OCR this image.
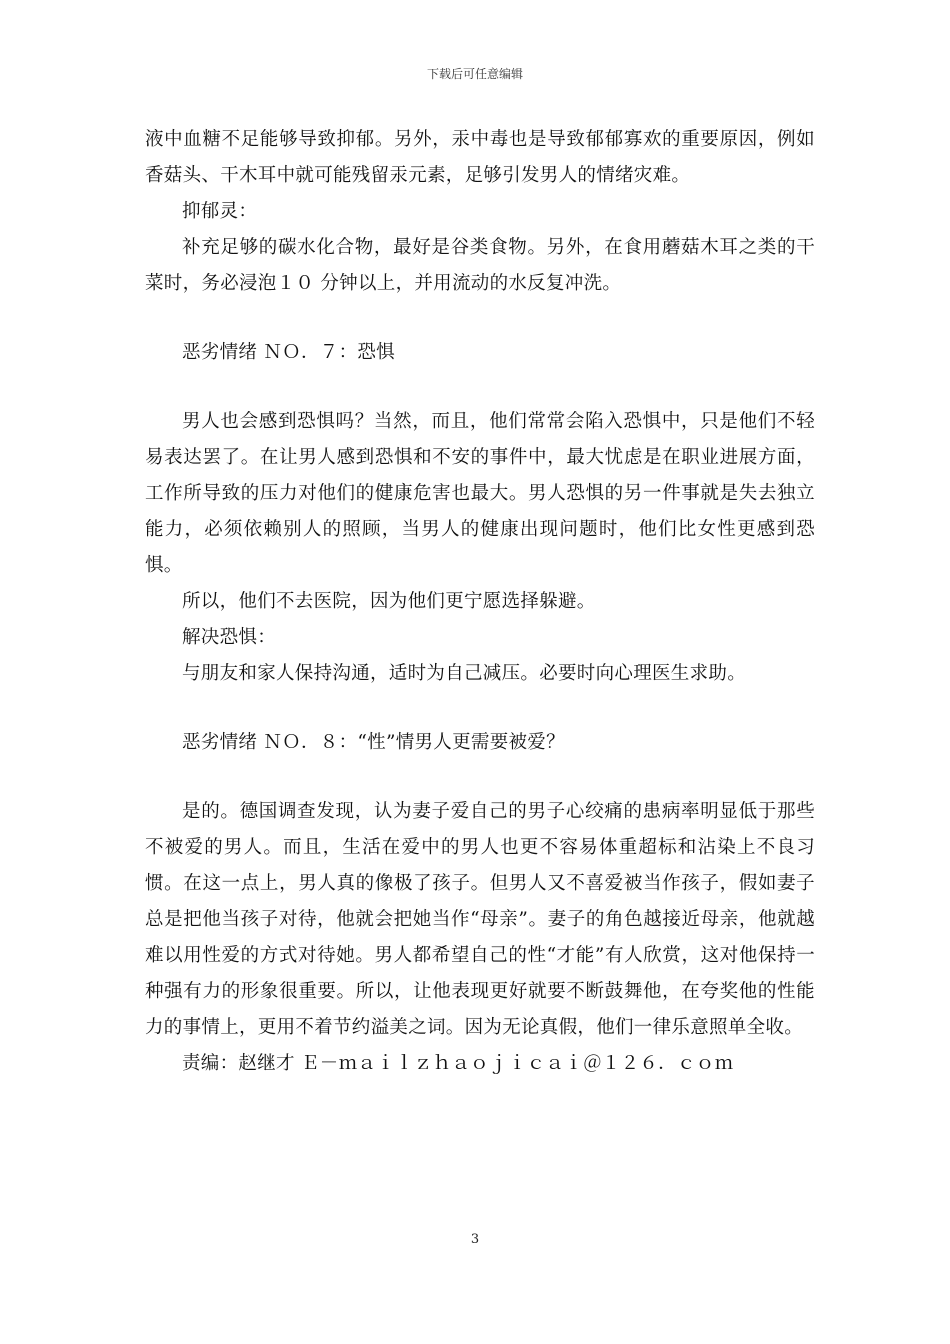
下载后可任意编辑

液中血糖不足能够导致抑郁。另外，汞中毒也是导致郁郁寡欢的重要原因，例如香菇头、干木耳中就可能残留汞元素，足够引发男人的情绪灾难。

抑郁灵：

补充足够的碳水化合物，最好是谷类食物。另外，在食用蘑菇木耳之类的干菜时，务必浸泡１０ 分钟以上，并用流动的水反复冲洗。

恶劣情绪 ＮＯ．７：恐惧

男人也会感到恐惧吗？当然，而且，他们常常会陷入恐惧中，只是他们不轻易表达罢了。在让男人感到恐惧和不安的事件中，最大忧虑是在职业进展方面，工作所导致的压力对他们的健康危害也最大。男人恐惧的另一件事就是失去独立能力，必须依赖别人的照顾，当男人的健康出现问题时，他们比女性更感到恐惧。

所以，他们不去医院，因为他们更宁愿选择躲避。

解决恐惧：

与朋友和家人保持沟通，适时为自己减压。必要时向心理医生求助。

恶劣情绪 ＮＯ．８：“性”情男人更需要被爱？

是的。德国调查发现，认为妻子爱自己的男子心绞痛的患病率明显低于那些不被爱的男人。而且，生活在爱中的男人也更不容易体重超标和沾染上不良习惯。在这一点上，男人真的像极了孩子。但男人又不喜爱被当作孩子，假如妻子总是把他当孩子对待，他就会把她当作“母亲”。妻子的角色越接近母亲，他就越难以用性爱的方式对待她。男人都希望自己的性“才能”有人欣赏，这对他保持一种强有力的形象很重要。所以，让他表现更好就要不断鼓舞他，在夸奖他的性能力的事情上，更用不着节约溢美之词。因为无论真假，他们一律乐意照单全收。

责编：赵继才 Ｅ－ｍａｉｌｚｈａｏｊｉｃａｉ＠１２６．ｃｏｍ

3
